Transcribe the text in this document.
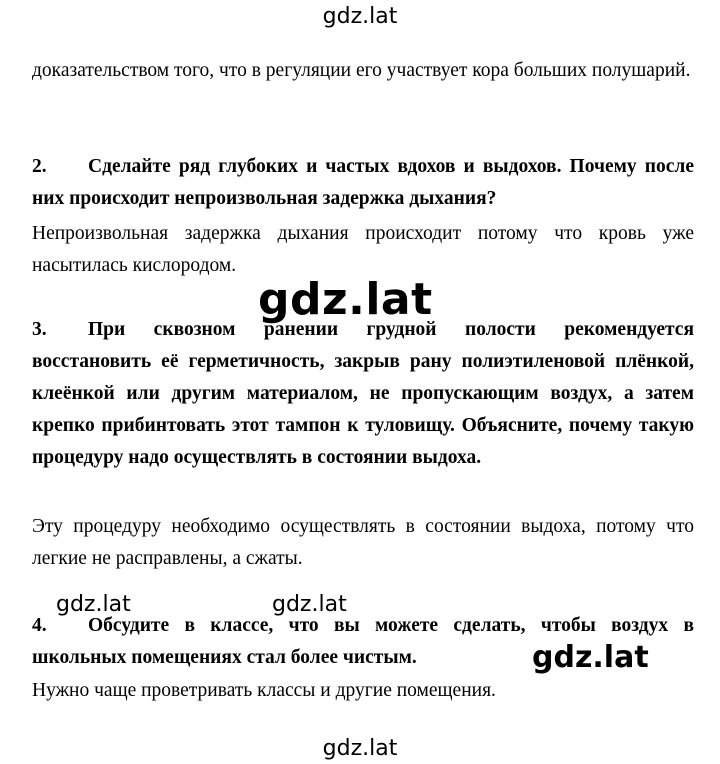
gdz.lat

доказательством того, что в регуляции его участвует кора больших полушарий.

2. Сделайте ряд глубоких и частых вдохов и выдохов. Почему после них происходит непроизвольная задержка дыхания?

Непроизвольная задержка дыхания происходит потому что кровь уже насытилась кислородом.

3. При сквозном ранении грудной полости рекомендуется восстановить её герметичность, закрыв рану полиэтиленовой плёнкой, клеёнкой или другим материалом, не пропускающим воздух, а затем крепко прибинтовать этот тампон к туловищу. Объясните, почему такую процедуру надо осуществлять в состоянии выдоха.

Эту процедуру необходимо осуществлять в состоянии выдоха, потому что легкие не расправлены, а сжаты.

4. Обсудите в классе, что вы можете сделать, чтобы воздух в школьных помещениях стал более чистым.

Нужно чаще проветривать классы и другие помещения.

gdz.lat
gdz.lat	gdz.lat
gdz.lat
gdz.lat
